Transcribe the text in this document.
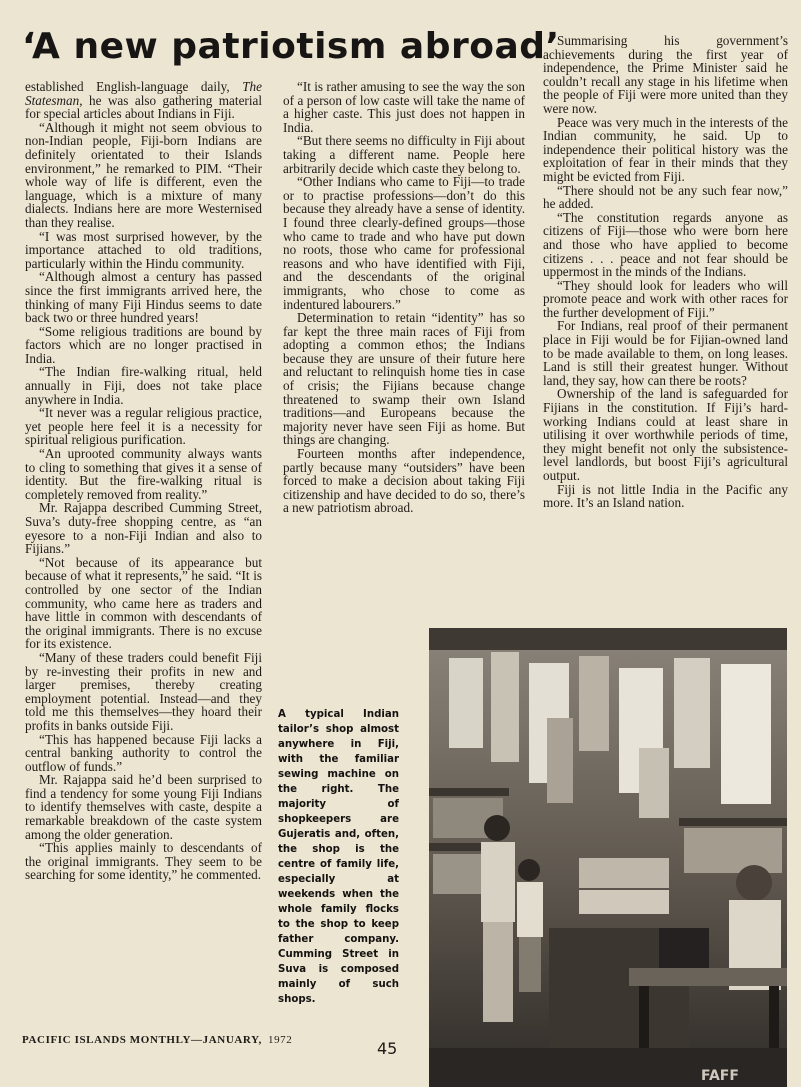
‘A new patriotism abroad’

established English-language daily, The Statesman, he was also gathering material for special articles about Indians in Fiji.

“Although it might not seem obvious to non-Indian people, Fiji-born Indians are definitely orientated to their Islands environment,” he remarked to PIM. “Their whole way of life is different, even the language, which is a mixture of many dialects. Indians here are more Westernised than they realise.

“I was most surprised however, by the importance attached to old traditions, particularly within the Hindu community.

“Although almost a century has passed since the first immigrants arrived here, the thinking of many Fiji Hindus seems to date back two or three hundred years!

“Some religious traditions are bound by factors which are no longer practised in India.

“The Indian fire-walking ritual, held annually in Fiji, does not take place anywhere in India.

“It never was a regular religious practice, yet people here feel it is a necessity for spiritual religious purification.

“An uprooted community always wants to cling to something that gives it a sense of identity. But the fire-walking ritual is completely removed from reality.”

Mr. Rajappa described Cumming Street, Suva’s duty-free shopping centre, as “an eyesore to a non-Fiji Indian and also to Fijians.”

“Not because of its appearance but because of what it represents,” he said. “It is controlled by one sector of the Indian community, who came here as traders and have little in common with descendants of the original immigrants. There is no excuse for its existence.

“Many of these traders could benefit Fiji by re-investing their profits in new and larger premises, thereby creating employment potential. Instead—and they told me this themselves—they hoard their profits in banks outside Fiji.

“This has happened because Fiji lacks a central banking authority to control the outflow of funds.”

Mr. Rajappa said he’d been surprised to find a tendency for some young Fiji Indians to identify themselves with caste, despite a remarkable breakdown of the caste system among the older generation.

“This applies mainly to descendants of the original immigrants. They seem to be searching for some identity,” he commented.

“It is rather amusing to see the way the son of a person of low caste will take the name of a higher caste. This just does not happen in India.

“But there seems no difficulty in Fiji about taking a different name. People here arbitrarily decide which caste they belong to.

“Other Indians who came to Fiji—to trade or to practise professions—don’t do this because they already have a sense of identity. I found three clearly-defined groups—those who came to trade and who have put down no roots, those who came for professional reasons and who have identified with Fiji, and the descendants of the original immigrants, who chose to come as indentured labourers.”

Determination to retain “identity” has so far kept the three main races of Fiji from adopting a common ethos; the Indians because they are unsure of their future here and reluctant to relinquish home ties in case of crisis; the Fijians because change threatened to swamp their own Island traditions—and Europeans because the majority never have seen Fiji as home. But things are changing.

Fourteen months after independence, partly because many “outsiders” have been forced to make a decision about taking Fiji citizenship and have decided to do so, there’s a new patriotism abroad.

Summarising his government’s achievements during the first year of independence, the Prime Minister said he couldn’t recall any stage in his lifetime when the people of Fiji were more united than they were now.

Peace was very much in the interests of the Indian community, he said. Up to independence their political history was the exploitation of fear in their minds that they might be evicted from Fiji.

“There should not be any such fear now,” he added.

“The constitution regards anyone as citizens of Fiji—those who were born here and those who have applied to become citizens . . . peace and not fear should be uppermost in the minds of the Indians.

“They should look for leaders who will promote peace and work with other races for the further development of Fiji.”

For Indians, real proof of their permanent place in Fiji would be for Fijian-owned land to be made available to them, on long leases. Land is still their greatest hunger. Without land, they say, how can there be roots?

Ownership of the land is safeguarded for Fijians in the constitution. If Fiji’s hard-working Indians could at least share in utilising it over worthwhile periods of time, they might benefit not only the subsistence-level landlords, but boost Fiji’s agricultural output.

Fiji is not little India in the Pacific any more. It’s an Island nation.

A typical Indian tailor’s shop almost anywhere in Fiji, with the familiar sewing machine on the right. The majority of shopkeepers are Gujeratis and, often, the shop is the centre of family life, especially at weekends when the whole family flocks to the shop to keep father company. Cumming Street in Suva is composed mainly of such shops.
FAFF
PACIFIC ISLANDS MONTHLY—JANUARY, 1972	45
